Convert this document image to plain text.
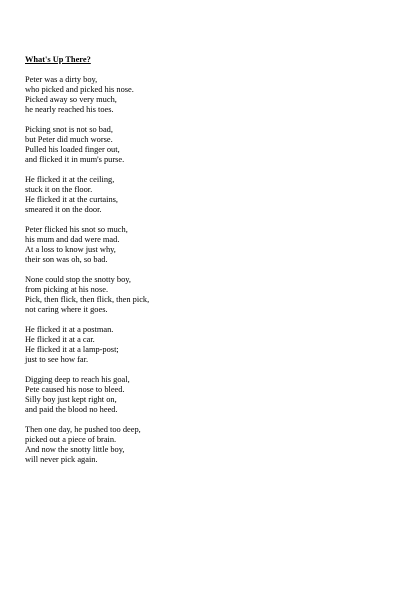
What's Up There?
Peter was a dirty boy,
who picked and picked his nose.
Picked away so very much,
he nearly reached his toes.
Picking snot is not so bad,
but Peter did much worse.
Pulled his loaded finger out,
and flicked it in mum's purse.
He flicked it at the ceiling,
stuck it on the floor.
He flicked it at the curtains,
smeared it on the door.
Peter flicked his snot so much,
his mum and dad were mad.
At a loss to know just why,
their son was oh, so bad.
None could stop the snotty boy,
from picking at his nose.
Pick, then flick, then flick, then pick,
not caring where it goes.
He flicked it at a postman.
He flicked it at a car.
He flicked it at a lamp-post;
just to see how far.
Digging deep to reach his goal,
Pete caused his nose to bleed.
Silly boy just kept right on,
and paid the blood no heed.
Then one day, he pushed too deep,
picked out a piece of brain.
And now the snotty little boy,
will never pick again.
